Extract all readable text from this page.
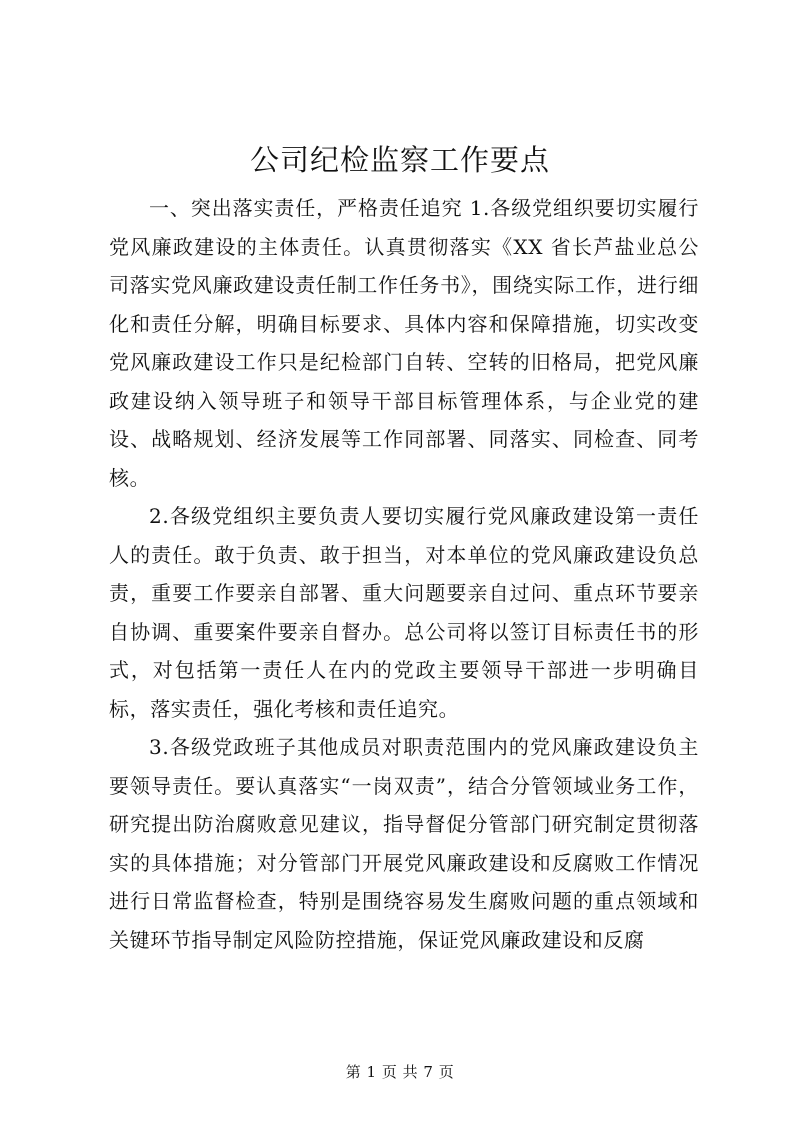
公司纪检监察工作要点

一、突出落实责任，严格责任追究 1.各级党组织要切实履行党风廉政建设的主体责任。认真贯彻落实《XX 省长芦盐业总公司落实党风廉政建设责任制工作任务书》，围绕实际工作，进行细化和责任分解，明确目标要求、具体内容和保障措施，切实改变党风廉政建设工作只是纪检部门自转、空转的旧格局，把党风廉政建设纳入领导班子和领导干部目标管理体系，与企业党的建设、战略规划、经济发展等工作同部署、同落实、同检查、同考核。

2.各级党组织主要负责人要切实履行党风廉政建设第一责任人的责任。敢于负责、敢于担当，对本单位的党风廉政建设负总责，重要工作要亲自部署、重大问题要亲自过问、重点环节要亲自协调、重要案件要亲自督办。总公司将以签订目标责任书的形式，对包括第一责任人在内的党政主要领导干部进一步明确目标，落实责任，强化考核和责任追究。

3.各级党政班子其他成员对职责范围内的党风廉政建设负主要领导责任。要认真落实“一岗双责”，结合分管领域业务工作，研究提出防治腐败意见建议，指导督促分管部门研究制定贯彻落实的具体措施；对分管部门开展党风廉政建设和反腐败工作情况进行日常监督检查，特别是围绕容易发生腐败问题的重点领域和关键环节指导制定风险防控措施，保证党风廉政建设和反腐

第 1 页 共 7 页
